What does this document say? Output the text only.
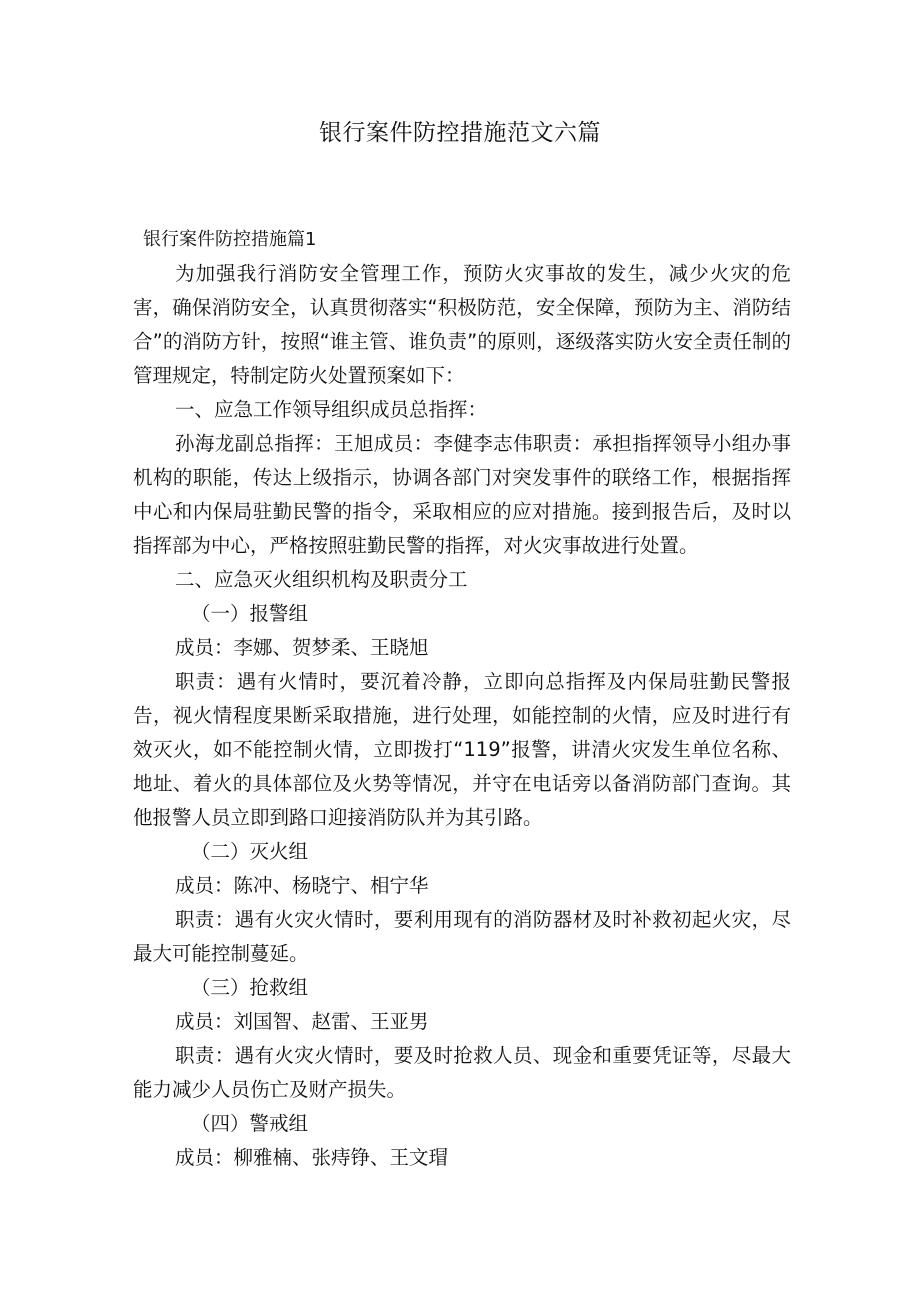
银行案件防控措施范文六篇

银行案件防控措施篇1

为加强我行消防安全管理工作，预防火灾事故的发生，减少火灾的危害，确保消防安全，认真贯彻落实“积极防范，安全保障，预防为主、消防结合”的消防方针，按照“谁主管、谁负责”的原则，逐级落实防火安全责任制的管理规定，特制定防火处置预案如下：

一、应急工作领导组织成员总指挥：

孙海龙副总指挥：王旭成员：李健李志伟职责：承担指挥领导小组办事机构的职能，传达上级指示，协调各部门对突发事件的联络工作，根据指挥中心和内保局驻勤民警的指令，采取相应的应对措施。接到报告后，及时以指挥部为中心，严格按照驻勤民警的指挥，对火灾事故进行处置。

二、应急灭火组织机构及职责分工

（一）报警组

成员：李娜、贺梦柔、王晓旭

职责：遇有火情时，要沉着冷静，立即向总指挥及内保局驻勤民警报告，视火情程度果断采取措施，进行处理，如能控制的火情，应及时进行有效灭火，如不能控制火情，立即拨打“119”报警，讲清火灾发生单位名称、地址、着火的具体部位及火势等情况，并守在电话旁以备消防部门查询。其他报警人员立即到路口迎接消防队并为其引路。

（二）灭火组

成员：陈冲、杨晓宁、相宁华

职责：遇有火灾火情时，要利用现有的消防器材及时补救初起火灾，尽最大可能控制蔓延。

（三）抢救组

成员：刘国智、赵雷、王亚男

职责：遇有火灾火情时，要及时抢救人员、现金和重要凭证等，尽最大能力减少人员伤亡及财产损失。

（四）警戒组

成员：柳雅楠、张痔铮、王文瑁
